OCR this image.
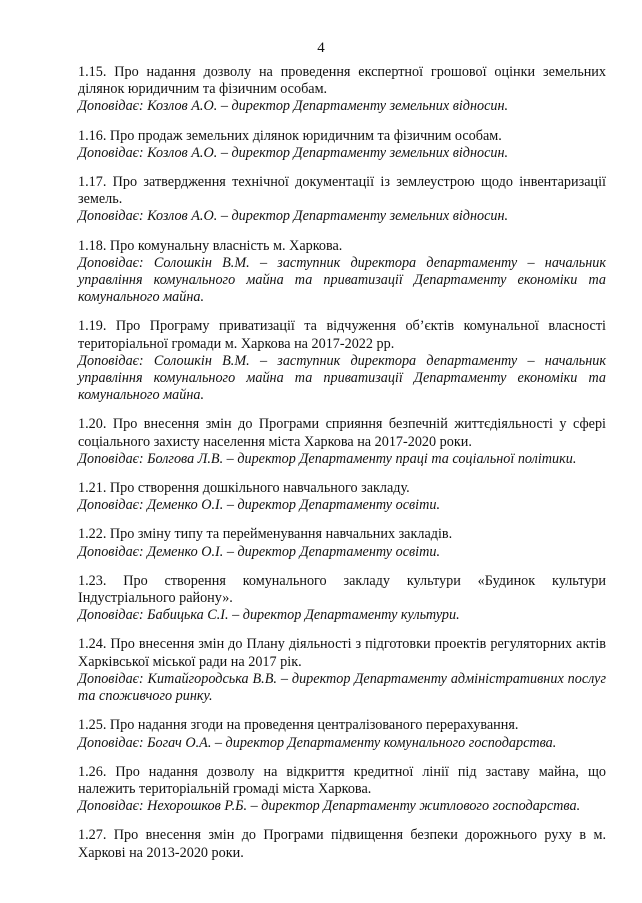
4
1.15. Про надання дозволу на проведення експертної грошової оцінки земельних ділянок юридичним та фізичним особам.
Доповідає: Козлов А.О. – директор Департаменту земельних відносин.
1.16. Про продаж земельних ділянок юридичним та фізичним особам.
Доповідає: Козлов А.О. – директор Департаменту земельних відносин.
1.17. Про затвердження технічної документації із землеустрою щодо інвентаризації земель.
Доповідає: Козлов А.О. – директор Департаменту земельних відносин.
1.18. Про комунальну власність м. Харкова.
Доповідає: Солошкін В.М. – заступник директора департаменту – начальник управління комунального майна та приватизації Департаменту економіки та комунального майна.
1.19. Про Програму приватизації та відчуження об’єктів комунальної власності територіальної громади м. Харкова на 2017-2022 рр.
Доповідає: Солошкін В.М. – заступник директора департаменту – начальник управління комунального майна та приватизації Департаменту економіки та комунального майна.
1.20. Про внесення змін до Програми сприяння безпечній життєдіяльності у сфері соціального захисту населення міста Харкова на 2017-2020 роки.
Доповідає: Болгова Л.В. – директор Департаменту праці та соціальної політики.
1.21. Про створення дошкільного навчального закладу.
Доповідає: Деменко О.І. – директор Департаменту освіти.
1.22. Про зміну типу та перейменування навчальних закладів.
Доповідає: Деменко О.І. – директор Департаменту освіти.
1.23. Про створення комунального закладу культури «Будинок культури Індустріального району».
Доповідає: Бабицька С.І. – директор Департаменту культури.
1.24. Про внесення змін до Плану діяльності з підготовки проектів регуляторних актів Харківської міської ради на 2017 рік.
Доповідає: Китайгородська В.В. – директор Департаменту адміністративних послуг та споживчого ринку.
1.25. Про надання згоди на проведення централізованого перерахування.
Доповідає: Богач О.А. – директор Департаменту комунального господарства.
1.26. Про надання дозволу на відкриття кредитної лінії під заставу майна, що належить територіальній громаді міста Харкова.
Доповідає: Нехорошков Р.Б. – директор Департаменту житлового господарства.
1.27. Про внесення змін до Програми підвищення безпеки дорожнього руху в м. Харкові на 2013-2020 роки.
